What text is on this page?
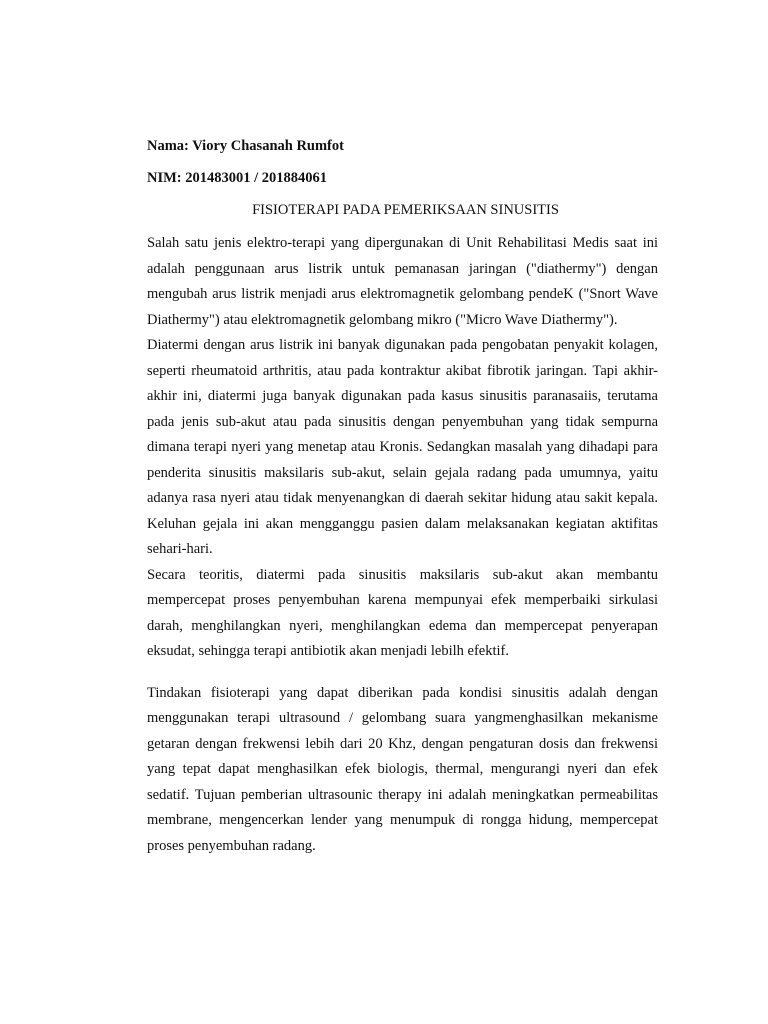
Nama: Viory Chasanah Rumfot

NIM: 201483001 / 201884061

FISIOTERAPI PADA PEMERIKSAAN SINUSITIS

Salah satu jenis elektro-terapi yang dipergunakan di Unit Rehabilitasi Medis saat ini adalah penggunaan arus listrik untuk pemanasan jaringan ("diathermy") dengan mengubah arus listrik menjadi arus elektromagnetik gelombang pendeK ("Snort Wave Diathermy") atau elektromagnetik gelombang mikro ("Micro Wave Diathermy").

Diatermi dengan arus listrik ini banyak digunakan pada pengobatan penyakit kolagen, seperti rheumatoid arthritis, atau pada kontraktur akibat fibrotik jaringan. Tapi akhir-akhir ini, diatermi juga banyak digunakan pada kasus sinusitis paranasaiis, terutama pada jenis sub-akut atau pada sinusitis dengan penyembuhan yang tidak sempurna dimana terapi nyeri yang menetap atau Kronis. Sedangkan masalah yang dihadapi para penderita sinusitis maksilaris sub-akut, selain gejala radang pada umumnya, yaitu adanya rasa nyeri atau tidak menyenangkan di daerah sekitar hidung atau sakit kepala. Keluhan gejala ini akan mengganggu pasien dalam melaksanakan kegiatan aktifitas sehari-hari.

Secara teoritis, diatermi pada sinusitis maksilaris sub-akut akan membantu mempercepat proses penyembuhan karena mempunyai efek memperbaiki sirkulasi darah, menghilangkan nyeri, menghilangkan edema dan mempercepat penyerapan eksudat, sehingga terapi antibiotik akan menjadi lebilh efektif.

Tindakan fisioterapi yang dapat diberikan pada kondisi sinusitis adalah dengan menggunakan terapi ultrasound / gelombang suara yangmenghasilkan mekanisme getaran dengan frekwensi lebih dari 20 Khz, dengan pengaturan dosis dan frekwensi yang tepat dapat menghasilkan efek biologis, thermal, mengurangi nyeri dan efek sedatif. Tujuan pemberian ultrasounic therapy ini adalah meningkatkan permeabilitas membrane, mengencerkan lender yang menumpuk di rongga hidung, mempercepat proses penyembuhan radang.
